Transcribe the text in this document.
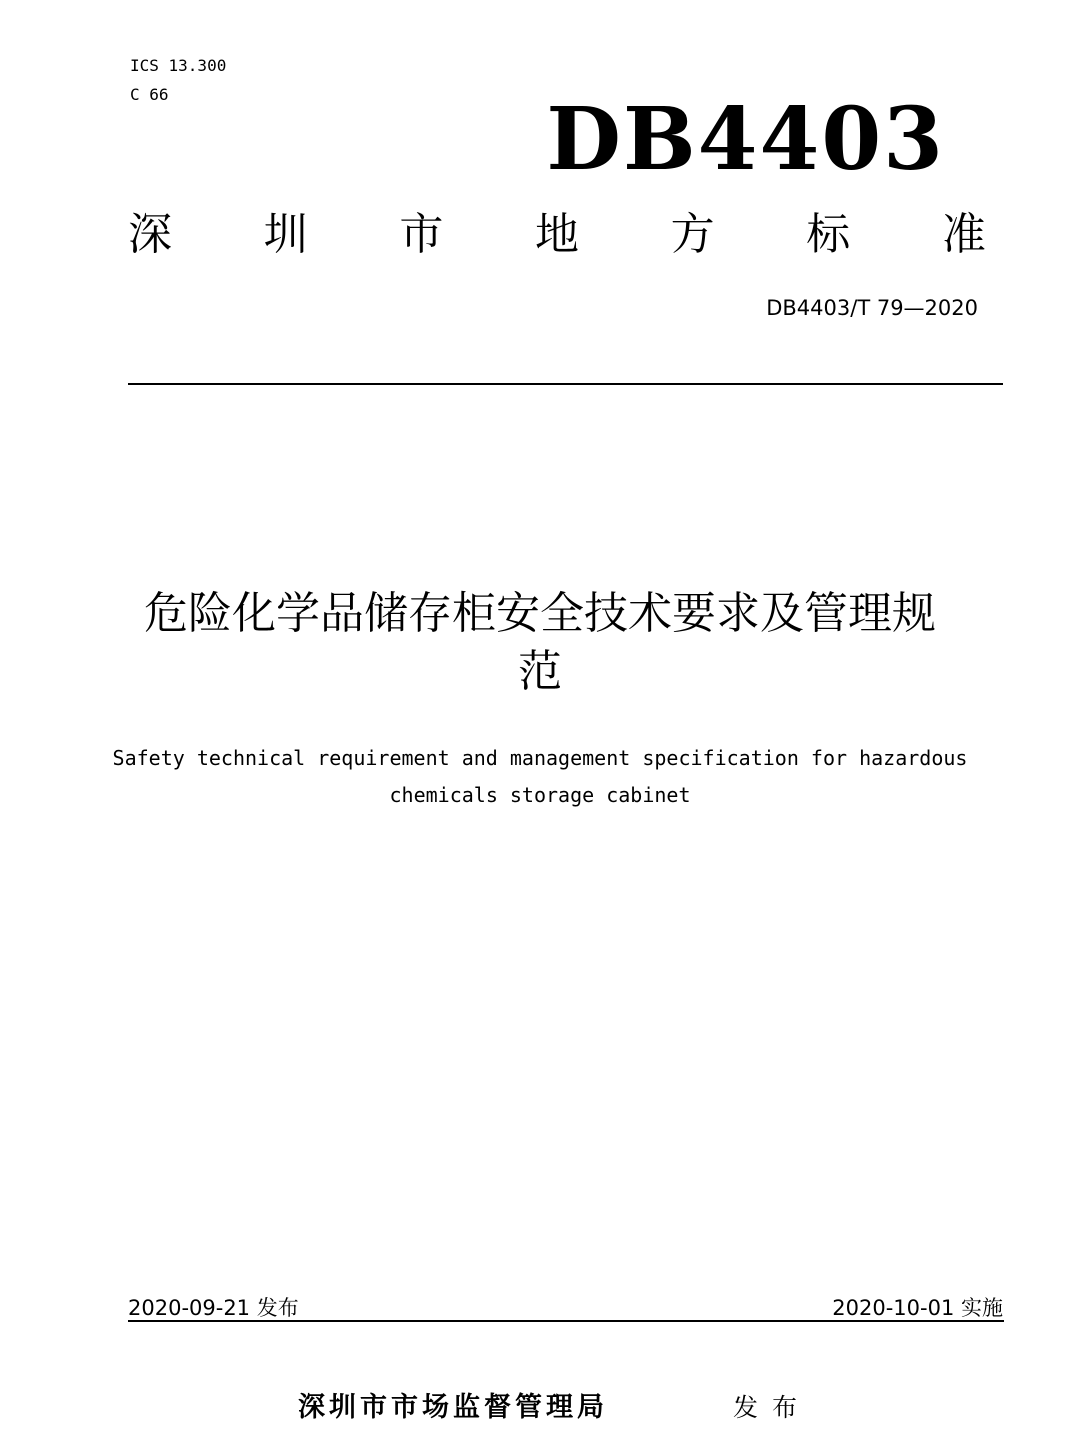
ICS 13.300
C 66	DB4403
深 圳 市 地 方 标 准
DB4403/T 79—2020
危险化学品储存柜安全技术要求及管理规
范
Safety technical requirement and management specification for hazardous
chemicals storage cabinet
2020-09-21 发布	2020-10-01 实施
深圳市市场监督管理局	发布
